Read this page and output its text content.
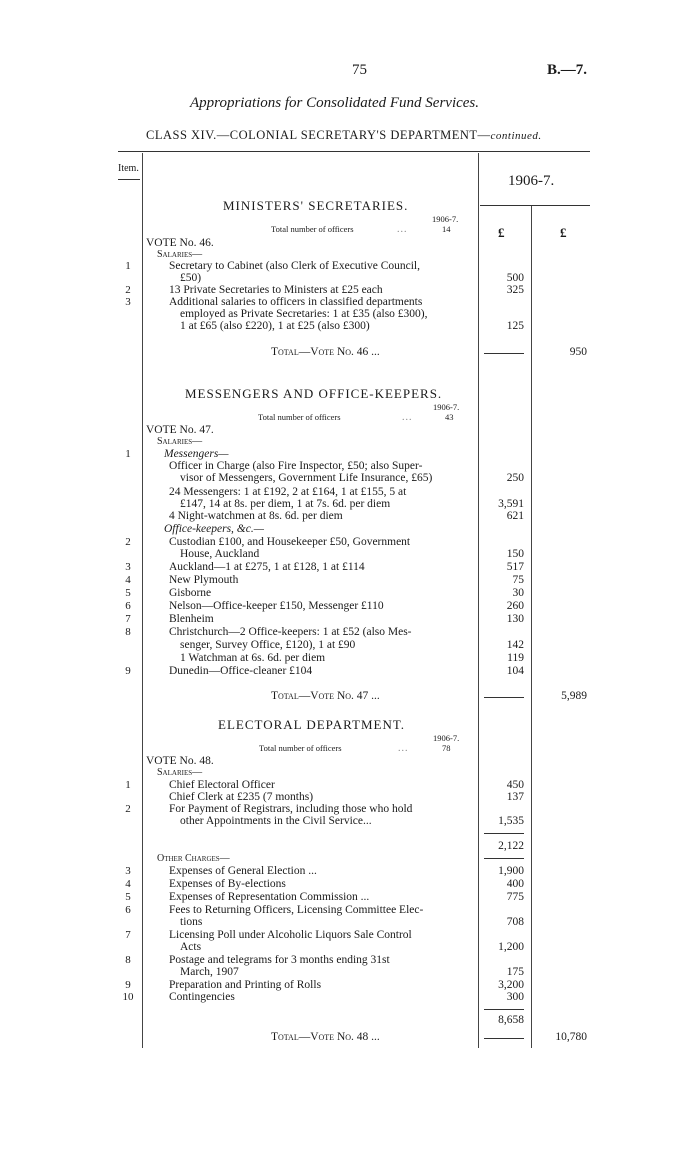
75	B.—7.
Appropriations for Consolidated Fund Services.
CLASS XIV.—COLONIAL SECRETARY'S DEPARTMENT—continued.
Item.
1906-7.
£	£
MINISTERS' SECRETARIES.
1906-7.
Total number of officers	...	14
VOTE No. 46.
Salaries—
1	Secretary to Cabinet (also Clerk of Executive Council,
£50)	500
2	13 Private Secretaries to Ministers at £25 each	325
3	Additional salaries to officers in classified departments
employed as Private Secretaries: 1 at £35 (also £300),
1 at £65 (also £220), 1 at £25 (also £300)	125
Total—Vote No. 46 ...	950
MESSENGERS AND OFFICE-KEEPERS.
1906-7.
Total number of officers	...	43
VOTE No. 47.
Salaries—
1	Messengers—
Officer in Charge (also Fire Inspector, £50; also Super-
visor of Messengers, Government Life Insurance, £65)	250
24 Messengers: 1 at £192, 2 at £164, 1 at £155, 5 at
£147, 14 at 8s. per diem, 1 at 7s. 6d. per diem	3,591
4 Night-watchmen at 8s. 6d. per diem	621
Office-keepers, &c.—
2	Custodian £100, and Housekeeper £50, Government
House, Auckland	150
3	Auckland—1 at £275, 1 at £128, 1 at £114	517
4	New Plymouth	75
5	Gisborne	30
6	Nelson—Office-keeper £150, Messenger £110	260
7	Blenheim	130
8	Christchurch—2 Office-keepers: 1 at £52 (also Mes-
senger, Survey Office, £120), 1 at £90	142
1 Watchman at 6s. 6d. per diem	119
9	Dunedin—Office-cleaner £104	104
Total—Vote No. 47 ...	5,989
ELECTORAL DEPARTMENT.
1906-7.
Total number of officers	...	78
VOTE No. 48.
Salaries—
1	Chief Electoral Officer	450
Chief Clerk at £235 (7 months)	137
2	For Payment of Registrars, including those who hold
other Appointments in the Civil Service...	1,535
2,122
Other Charges—
3	Expenses of General Election ...	1,900
4	Expenses of By-elections	400
5	Expenses of Representation Commission ...	775
6	Fees to Returning Officers, Licensing Committee Elec-
tions	708
7	Licensing Poll under Alcoholic Liquors Sale Control
Acts	1,200
8	Postage and telegrams for 3 months ending 31st
March, 1907	175
9	Preparation and Printing of Rolls	3,200
10	Contingencies	300
8,658
Total—Vote No. 48 ...	10,780
